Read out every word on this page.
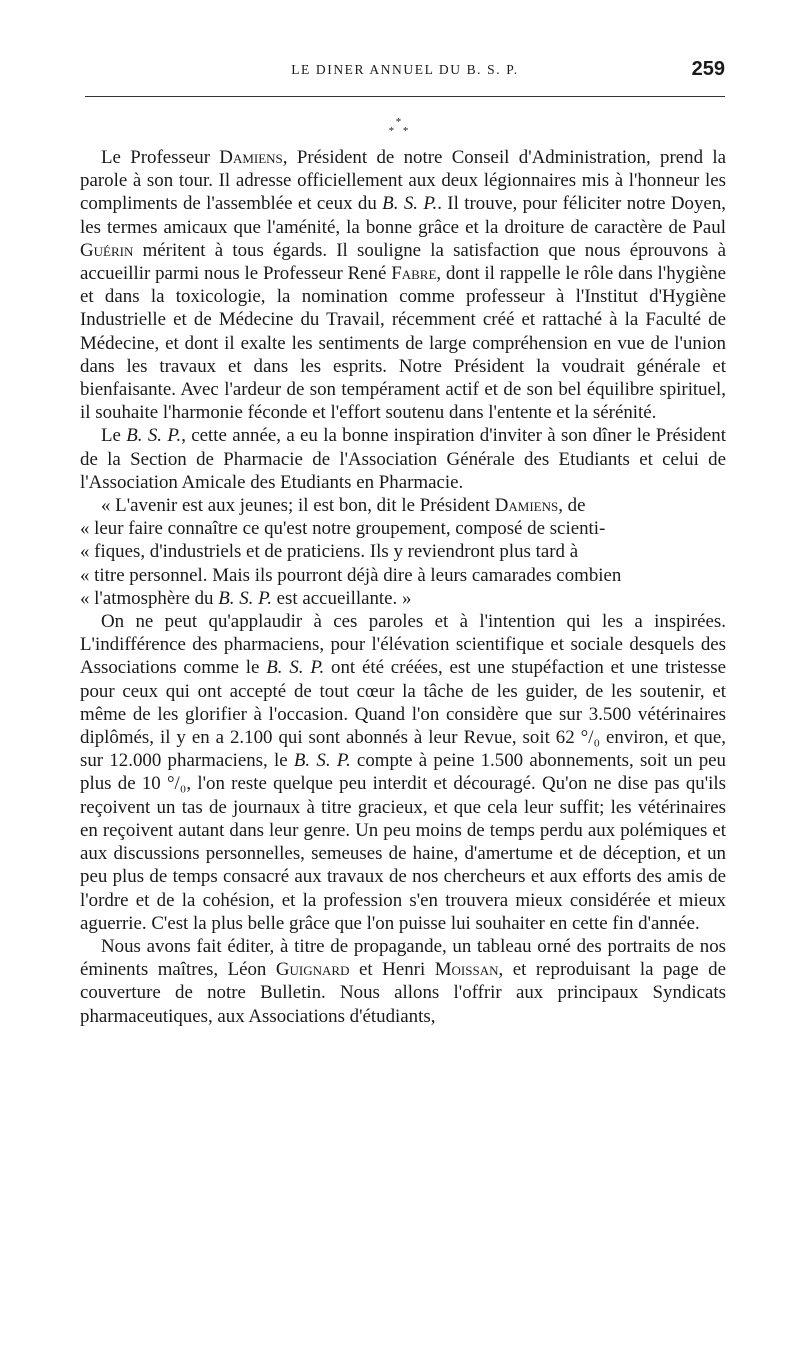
LE DINER ANNUEL DU B. S. P.	259
*
* *

Le Professeur Damiens, Président de notre Conseil d'Administration, prend la parole à son tour. Il adresse officiellement aux deux légionnaires mis à l'honneur les compliments de l'assemblée et ceux du B. S. P.. Il trouve, pour féliciter notre Doyen, les termes amicaux que l'aménité, la bonne grâce et la droiture de caractère de Paul Guérin méritent à tous égards. Il souligne la satisfaction que nous éprouvons à accueillir parmi nous le Professeur René Fabre, dont il rappelle le rôle dans l'hygiène et dans la toxicologie, la nomination comme professeur à l'Institut d'Hygiène Industrielle et de Médecine du Travail, récemment créé et rattaché à la Faculté de Médecine, et dont il exalte les sentiments de large compréhension en vue de l'union dans les travaux et dans les esprits. Notre Président la voudrait générale et bienfaisante. Avec l'ardeur de son tempérament actif et de son bel équilibre spirituel, il souhaite l'harmonie féconde et l'effort soutenu dans l'entente et la sérénité.

Le B. S. P., cette année, a eu la bonne inspiration d'inviter à son dîner le Président de la Section de Pharmacie de l'Association Générale des Etudiants et celui de l'Association Amicale des Etudiants en Pharmacie.

« L'avenir est aux jeunes; il est bon, dit le Président Damiens, de
« leur faire connaître ce qu'est notre groupement, composé de scienti-
« fiques, d'industriels et de praticiens. Ils y reviendront plus tard à
« titre personnel. Mais ils pourront déjà dire à leurs camarades combien
« l'atmosphère du B. S. P. est accueillante. »

On ne peut qu'applaudir à ces paroles et à l'intention qui les a inspirées. L'indifférence des pharmaciens, pour l'élévation scientifique et sociale desquels des Associations comme le B. S. P. ont été créées, est une stupéfaction et une tristesse pour ceux qui ont accepté de tout cœur la tâche de les guider, de les soutenir, et même de les glorifier à l'occasion. Quand l'on considère que sur 3.500 vétérinaires diplômés, il y en a 2.100 qui sont abonnés à leur Revue, soit 62 °/₀ environ, et que, sur 12.000 pharmaciens, le B. S. P. compte à peine 1.500 abonnements, soit un peu plus de 10 °/₀, l'on reste quelque peu interdit et découragé. Qu'on ne dise pas qu'ils reçoivent un tas de journaux à titre gracieux, et que cela leur suffit; les vétérinaires en reçoivent autant dans leur genre. Un peu moins de temps perdu aux polémiques et aux discussions personnelles, semeuses de haine, d'amertume et de déception, et un peu plus de temps consacré aux travaux de nos chercheurs et aux efforts des amis de l'ordre et de la cohésion, et la profession s'en trouvera mieux considérée et mieux aguerrie. C'est la plus belle grâce que l'on puisse lui souhaiter en cette fin d'année.

Nous avons fait éditer, à titre de propagande, un tableau orné des portraits de nos éminents maîtres, Léon Guignard et Henri Moissan, et reproduisant la page de couverture de notre Bulletin. Nous allons l'offrir aux principaux Syndicats pharmaceutiques, aux Associations d'étudiants,
